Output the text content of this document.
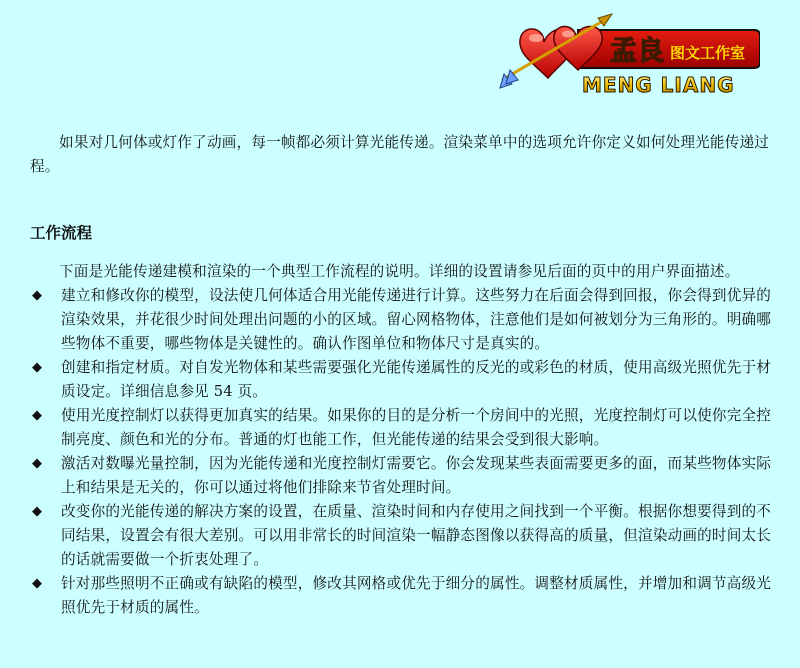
孟良 图文工作室
MENG LIANG

如果对几何体或灯作了动画，每一帧都必须计算光能传递。渲染菜单中的选项允许你定义如何处理光能传递过程。

工作流程

下面是光能传递建模和渲染的一个典型工作流程的说明。详细的设置请参见后面的页中的用户界面描述。

◆ 建立和修改你的模型，设法使几何体适合用光能传递进行计算。这些努力在后面会得到回报，你会得到优异的渲染效果，并花很少时间处理出问题的小的区域。留心网格物体，注意他们是如何被划分为三角形的。明确哪些物体不重要，哪些物体是关键性的。确认作图单位和物体尺寸是真实的。
◆ 创建和指定材质。对自发光物体和某些需要强化光能传递属性的反光的或彩色的材质，使用高级光照优先于材质设定。详细信息参见 54 页。
◆ 使用光度控制灯以获得更加真实的结果。如果你的目的是分析一个房间中的光照，光度控制灯可以使你完全控制亮度、颜色和光的分布。普通的灯也能工作，但光能传递的结果会受到很大影响。
◆ 激活对数曝光量控制，因为光能传递和光度控制灯需要它。你会发现某些表面需要更多的面，而某些物体实际上和结果是无关的，你可以通过将他们排除来节省处理时间。
◆ 改变你的光能传递的解决方案的设置，在质量、渲染时间和内存使用之间找到一个平衡。根据你想要得到的不同结果，设置会有很大差别。可以用非常长的时间渲染一幅静态图像以获得高的质量，但渲染动画的时间太长的话就需要做一个折衷处理了。
◆ 针对那些照明不正确或有缺陷的模型，修改其网格或优先于细分的属性。调整材质属性，并增加和调节高级光照优先于材质的属性。
